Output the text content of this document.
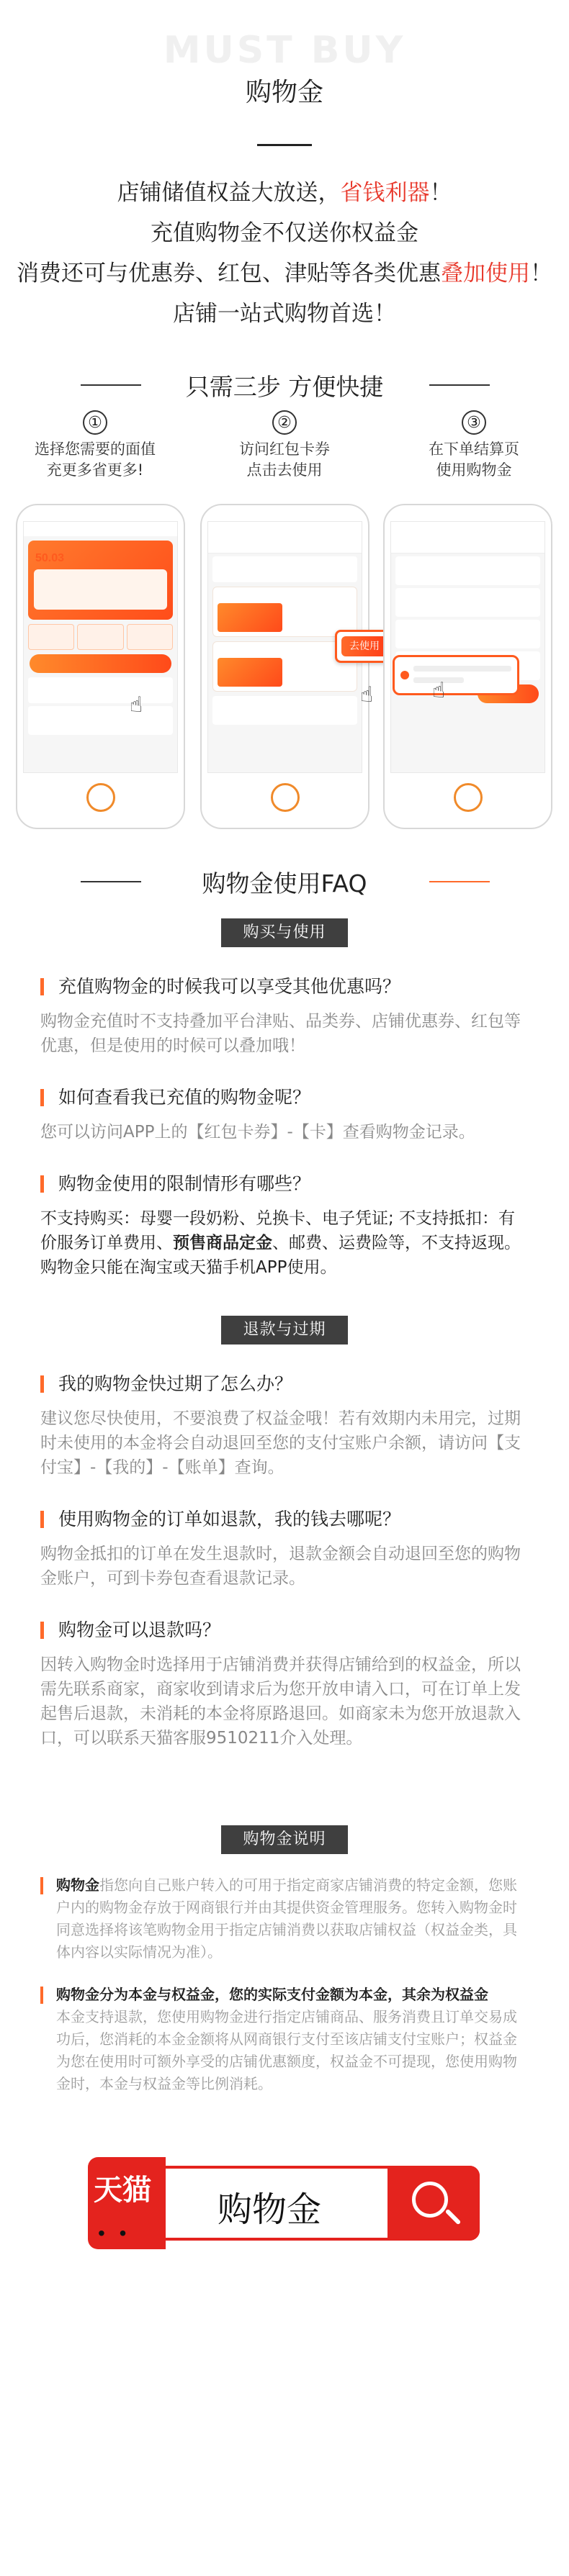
MUST BUY
购物金
店铺储值权益大放送，省钱利器！
充值购物金不仅送你权益金
消费还可与优惠券、红包、津贴等各类优惠叠加使用！
店铺一站式购物首选！
只需三步 方便快捷
①
选择您需要的面值
充更多省更多!
②
访问红包卡券
点击去使用
③
在下单结算页
使用购物金
50.03
☝
去使用
☝	☝
购物金使用FAQ
购买与使用
充值购物金的时候我可以享受其他优惠吗？
购物金充值时不支持叠加平台津贴、品类券、店铺优惠券、红包等优惠，但是使用的时候可以叠加哦！
如何查看我已充值的购物金呢？
您可以访问APP上的【红包卡券】-【卡】查看购物金记录。
购物金使用的限制情形有哪些？
不支持购买：母婴一段奶粉、兑换卡、电子凭证; 不支持抵扣：有价服务订单费用、预售商品定金、邮费、运费险等，不支持返现。
购物金只能在淘宝或天猫手机APP使用。
退款与过期
我的购物金快过期了怎么办？
建议您尽快使用，不要浪费了权益金哦！若有效期内未用完，过期时未使用的本金将会自动退回至您的支付宝账户余额，请访问【支付宝】-【我的】-【账单】查询。
使用购物金的订单如退款，我的钱去哪呢？
购物金抵扣的订单在发生退款时，退款金额会自动退回至您的购物金账户，可到卡券包查看退款记录。
购物金可以退款吗？
因转入购物金时选择用于店铺消费并获得店铺给到的权益金，所以需先联系商家，商家收到请求后为您开放申请入口，可在订单上发起售后退款，未消耗的本金将原路退回。如商家未为您开放退款入口，可以联系天猫客服9510211介入处理。
购物金说明
购物金指您向自己账户转入的可用于指定商家店铺消费的特定金额，您账户内的购物金存放于网商银行并由其提供资金管理服务。您转入购物金时同意选择将该笔购物金用于指定店铺消费以获取店铺权益（权益金类，具体内容以实际情况为准）。
购物金分为本金与权益金，您的实际支付金额为本金，其余为权益金
本金支持退款，您使用购物金进行指定店铺商品、服务消费且订单交易成功后，您消耗的本金金额将从网商银行支付至该店铺支付宝账户；权益金为您在使用时可额外享受的店铺优惠额度，权益金不可提现，您使用购物金时，本金与权益金等比例消耗。
天猫
• •
购物金
